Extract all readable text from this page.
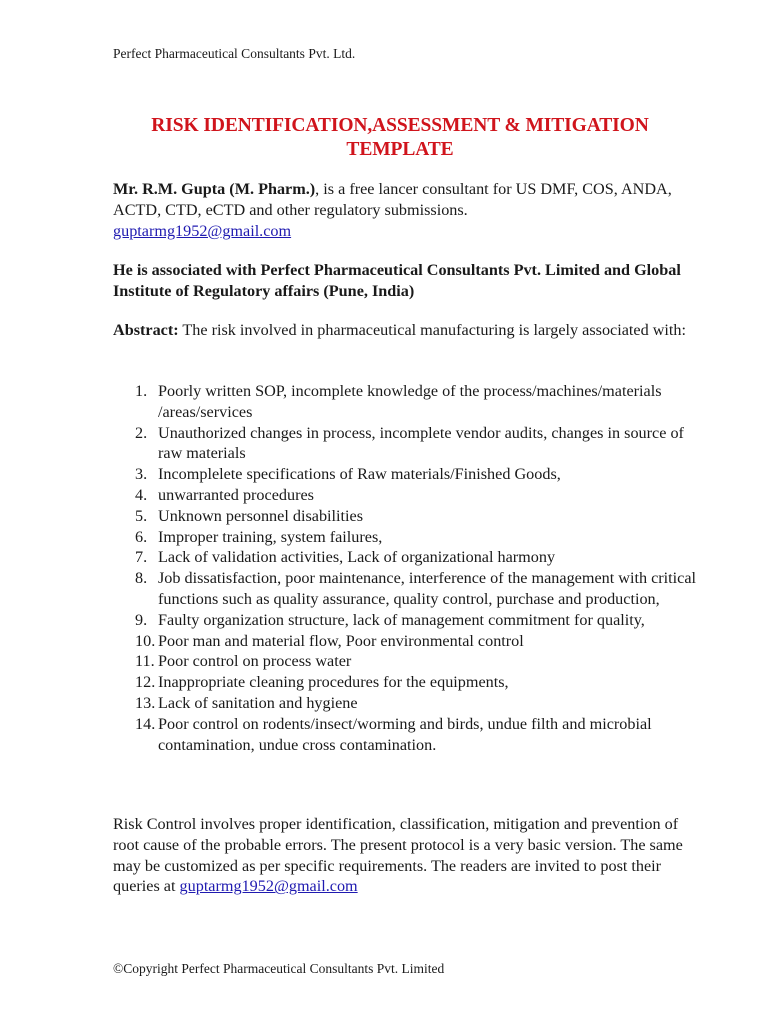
Perfect Pharmaceutical Consultants Pvt. Ltd.
RISK IDENTIFICATION,ASSESSMENT & MITIGATION
TEMPLATE
Mr. R.M. Gupta (M. Pharm.), is a free lancer consultant for US DMF, COS, ANDA, ACTD, CTD, eCTD and other regulatory submissions.
guptarmg1952@gmail.com
He is associated with Perfect Pharmaceutical Consultants Pvt. Limited and Global Institute of Regulatory affairs (Pune, India)
Abstract: The risk involved in pharmaceutical manufacturing is largely associated with:
1. Poorly written SOP, incomplete knowledge of the process/machines/materials /areas/services
2. Unauthorized changes in process, incomplete vendor audits, changes in source of raw materials
3. Incomplelete specifications of Raw materials/Finished Goods,
4. unwarranted procedures
5. Unknown personnel disabilities
6. Improper training, system failures,
7. Lack of validation activities, Lack of organizational harmony
8. Job dissatisfaction, poor maintenance, interference of the management with critical functions such as quality assurance, quality control, purchase and production,
9. Faulty organization structure, lack of management commitment for quality,
10. Poor man and material flow, Poor environmental control
11. Poor control on process water
12. Inappropriate cleaning procedures for the equipments,
13. Lack of sanitation and hygiene
14. Poor control on rodents/insect/worming and birds, undue filth and microbial contamination, undue cross contamination.
Risk Control involves proper identification, classification, mitigation and prevention of root cause of the probable errors. The present protocol is a very basic version. The same may be customized as per specific requirements. The readers are invited to post their queries at guptarmg1952@gmail.com
©Copyright Perfect Pharmaceutical Consultants Pvt. Limited
